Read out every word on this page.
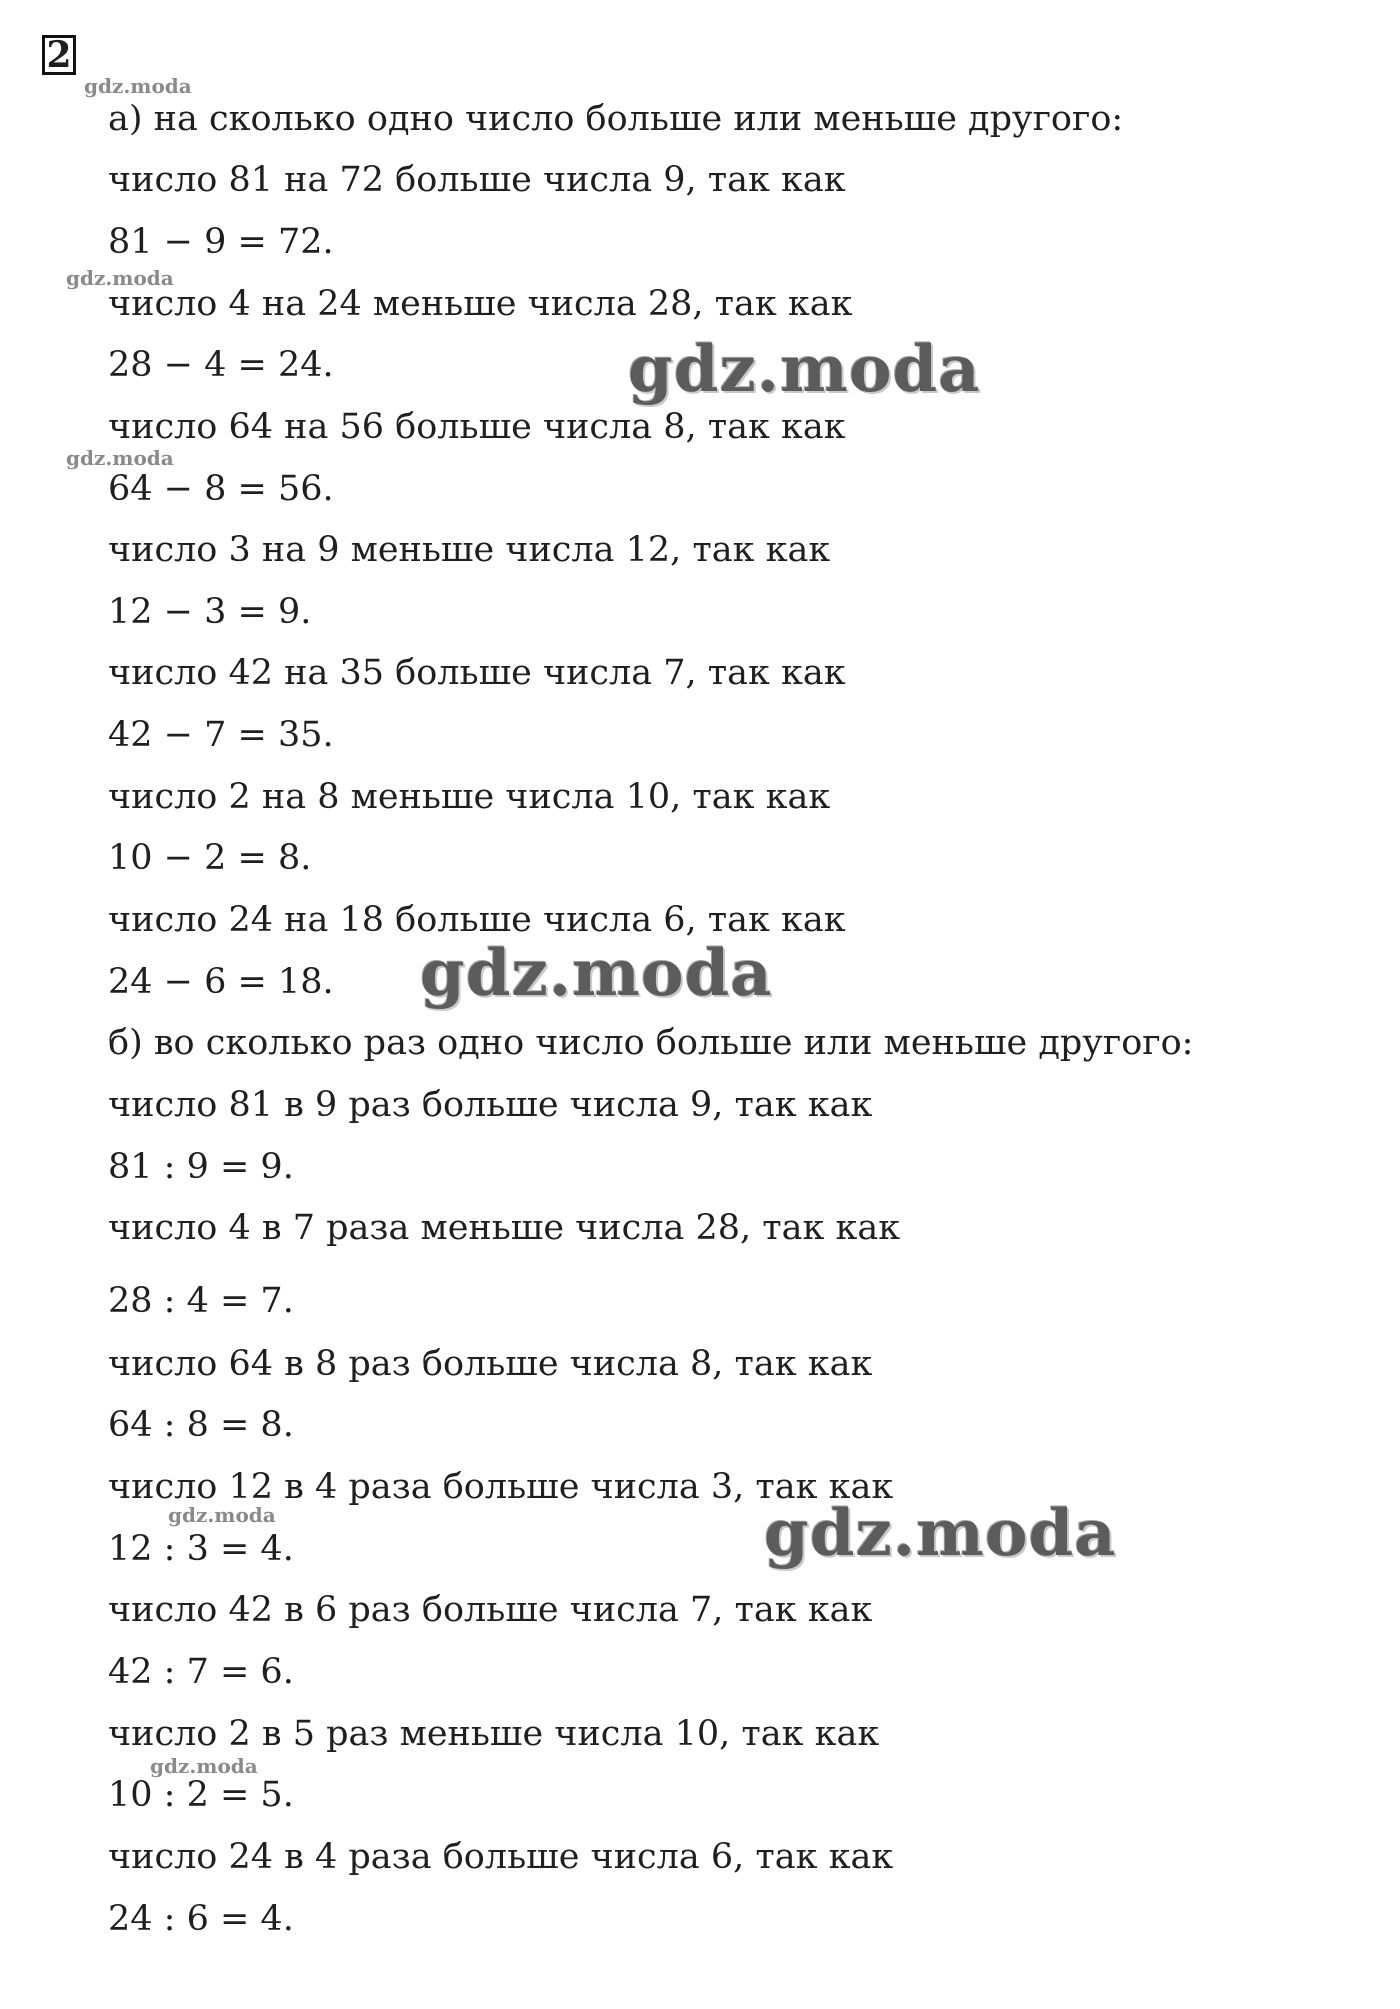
2
а) на сколько одно число больше или меньше другого:
число 81 на 72 больше числа 9, так как
81 − 9 = 72.
число 4 на 24 меньше числа 28, так как
28 − 4 = 24.
число 64 на 56 больше числа 8, так как
64 − 8 = 56.
число 3 на 9 меньше числа 12, так как
12 − 3 = 9.
число 42 на 35 больше числа 7, так как
42 − 7 = 35.
число 2 на 8 меньше числа 10, так как
10 − 2 = 8.
число 24 на 18 больше числа 6, так как
24 − 6 = 18.
б) во сколько раз одно число больше или меньше другого:
число 81 в 9 раз больше числа 9, так как
81 : 9 = 9.
число 4 в 7 раза меньше числа 28, так как
28 : 4 = 7.
число 64 в 8 раз больше числа 8, так как
64 : 8 = 8.
число 12 в 4 раза больше числа 3, так как
12 : 3 = 4.
число 42 в 6 раз больше числа 7, так как
42 : 7 = 6.
число 2 в 5 раз меньше числа 10, так как
10 : 2 = 5.
число 24 в 4 раза больше числа 6, так как
24 : 6 = 4.
gdz.moda
gdz.moda
gdz.moda
gdz.moda
gdz.moda
gdz.moda
gdz.moda
gdz.moda
